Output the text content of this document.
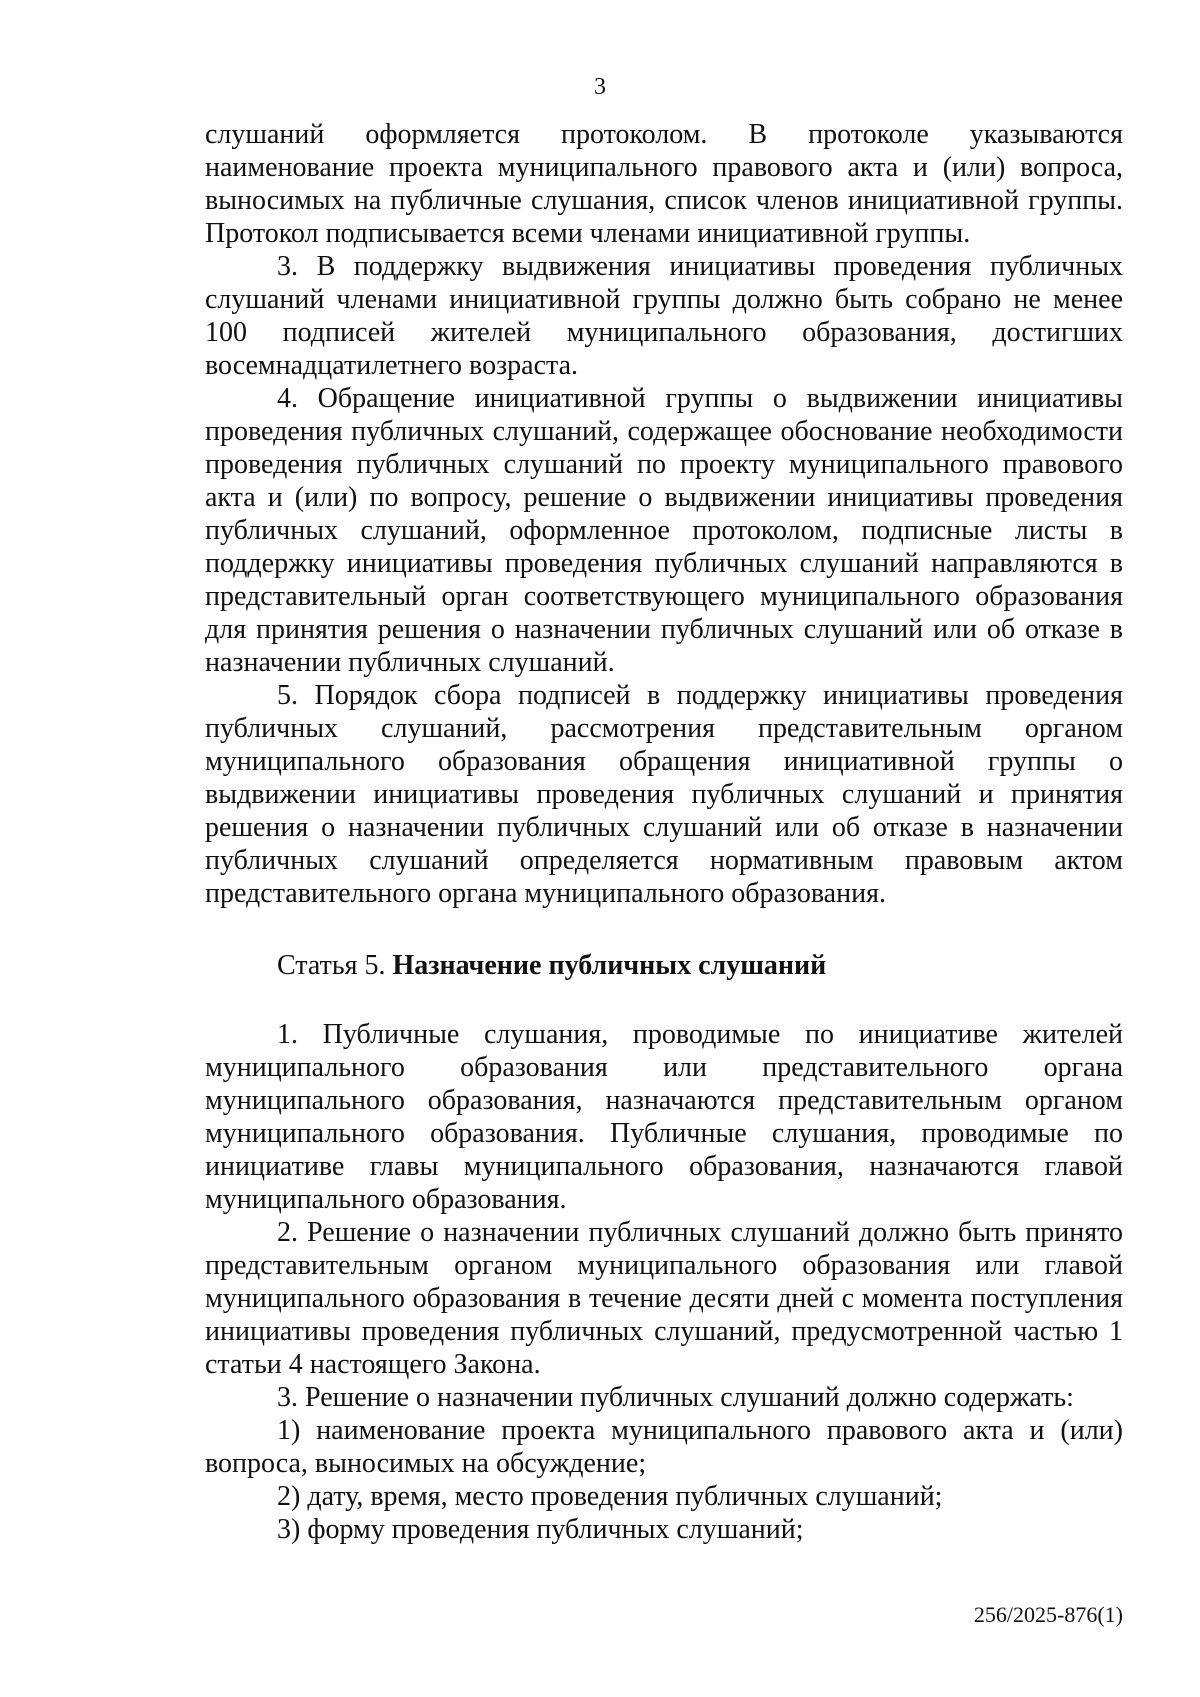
3

слушаний оформляется протоколом. В протоколе указываются наименование проекта муниципального правового акта и (или) вопроса, выносимых на публичные слушания, список членов инициативной группы. Протокол подписывается всеми членами инициативной группы.

3. В поддержку выдвижения инициативы проведения публичных слушаний членами инициативной группы должно быть собрано не менее 100 подписей жителей муниципального образования, достигших восемнадцатилетнего возраста.

4. Обращение инициативной группы о выдвижении инициативы проведения публичных слушаний, содержащее обоснование необходимости проведения публичных слушаний по проекту муниципального правового акта и (или) по вопросу, решение о выдвижении инициативы проведения публичных слушаний, оформленное протоколом, подписные листы в поддержку инициативы проведения публичных слушаний направляются в представительный орган соответствующего муниципального образования для принятия решения о назначении публичных слушаний или об отказе в назначении публичных слушаний.

5. Порядок сбора подписей в поддержку инициативы проведения публичных слушаний, рассмотрения представительным органом муниципального образования обращения инициативной группы о выдвижении инициативы проведения публичных слушаний и принятия решения о назначении публичных слушаний или об отказе в назначении публичных слушаний определяется нормативным правовым актом представительного органа муниципального образования.

Статья 5. Назначение публичных слушаний

1. Публичные слушания, проводимые по инициативе жителей муниципального образования или представительного органа муниципального образования, назначаются представительным органом муниципального образования. Публичные слушания, проводимые по инициативе главы муниципального образования, назначаются главой муниципального образования.

2. Решение о назначении публичных слушаний должно быть принято представительным органом муниципального образования или главой муниципального образования в течение десяти дней с момента поступления инициативы проведения публичных слушаний, предусмотренной частью 1 статьи 4 настоящего Закона.

3. Решение о назначении публичных слушаний должно содержать:

1) наименование проекта муниципального правового акта и (или) вопроса, выносимых на обсуждение;

2) дату, время, место проведения публичных слушаний;

3) форму проведения публичных слушаний;

256/2025-876(1)
